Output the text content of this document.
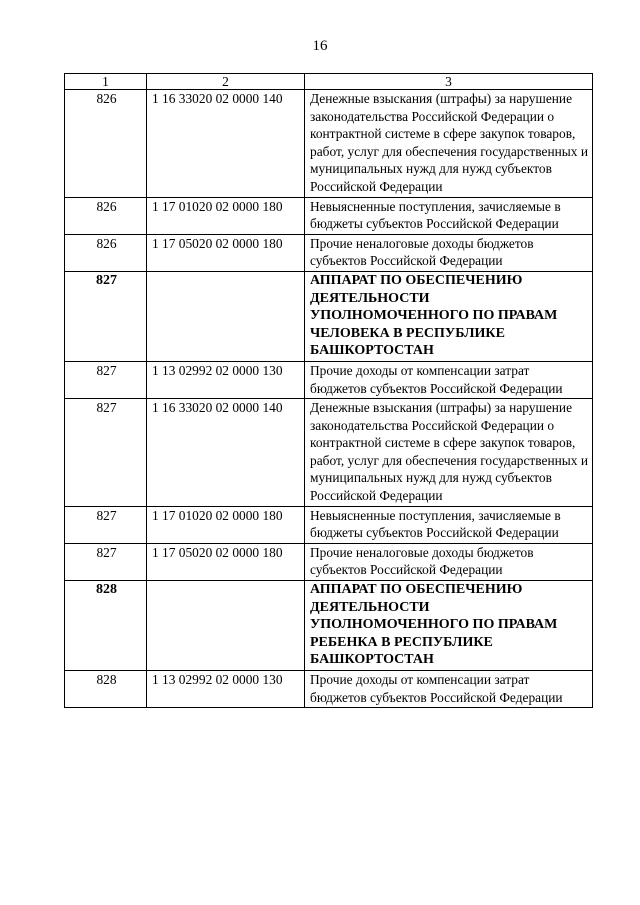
16
1	2	3
826	1 16 33020 02 0000 140	Денежные взыскания (штрафы) за нарушение законодательства Российской Федерации о контрактной системе в сфере закупок товаров, работ, услуг для обеспечения государственных и муниципальных нужд для нужд субъектов Российской Федерации
826	1 17 01020 02 0000 180	Невыясненные поступления, зачисляемые в бюджеты субъектов Российской Федерации
826	1 17 05020 02 0000 180	Прочие неналоговые доходы бюджетов субъектов Российской Федерации
827		АППАРАТ ПО ОБЕСПЕЧЕНИЮ ДЕЯТЕЛЬНОСТИ УПОЛНОМОЧЕННОГО ПО ПРАВАМ ЧЕЛОВЕКА В РЕСПУБЛИКЕ БАШКОРТОСТАН
827	1 13 02992 02 0000 130	Прочие доходы от компенсации затрат бюджетов субъектов Российской Федерации
827	1 16 33020 02 0000 140	Денежные взыскания (штрафы) за нарушение законодательства Российской Федерации о контрактной системе в сфере закупок товаров, работ, услуг для обеспечения государственных и муниципальных нужд для нужд субъектов Российской Федерации
827	1 17 01020 02 0000 180	Невыясненные поступления, зачисляемые в бюджеты субъектов Российской Федерации
827	1 17 05020 02 0000 180	Прочие неналоговые доходы бюджетов субъектов Российской Федерации
828		АППАРАТ ПО ОБЕСПЕЧЕНИЮ ДЕЯТЕЛЬНОСТИ УПОЛНОМОЧЕННОГО ПО ПРАВАМ РЕБЕНКА В РЕСПУБЛИКЕ БАШКОРТОСТАН
828	1 13 02992 02 0000 130	Прочие доходы от компенсации затрат бюджетов субъектов Российской Федерации
